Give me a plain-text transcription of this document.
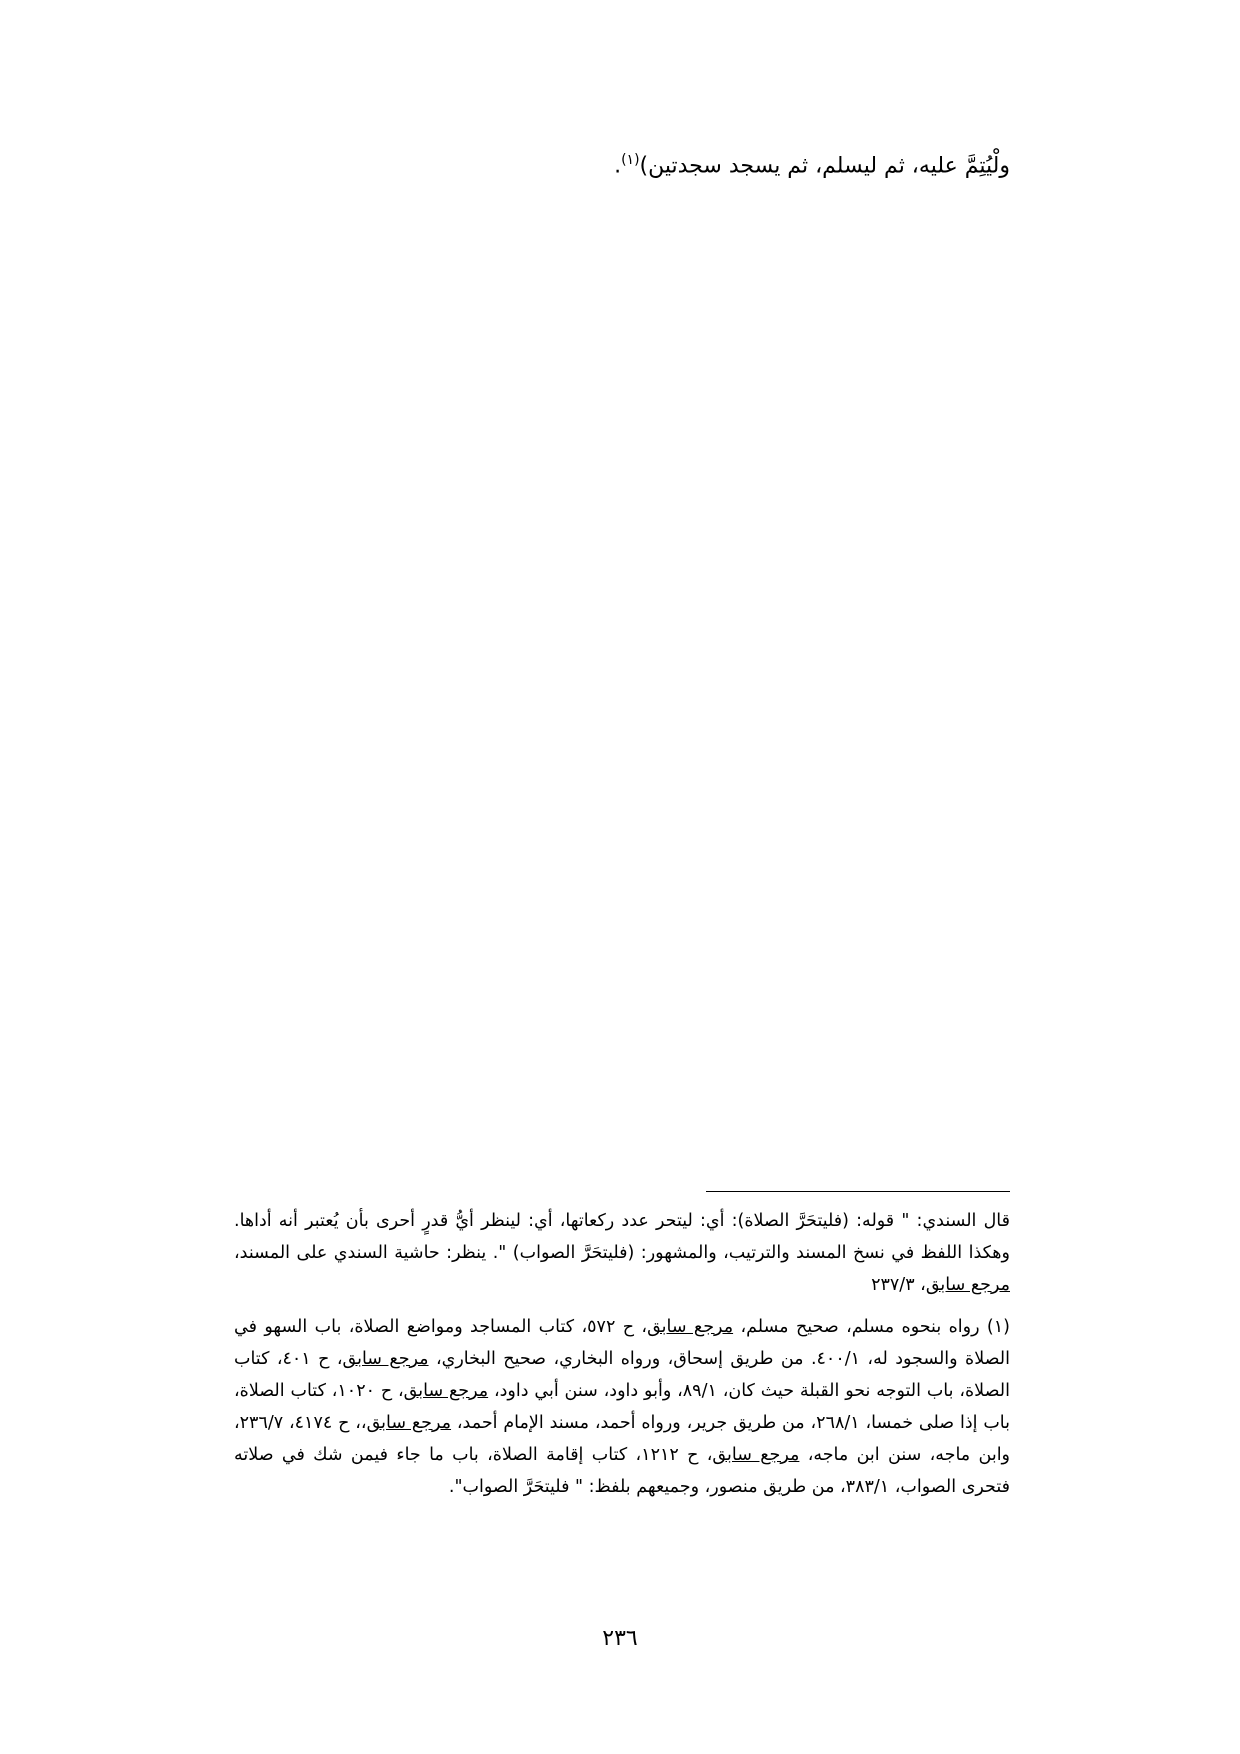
ولْيُتِمَّ عليه، ثم ليسلم، ثم يسجد سجدتين)$^{(١)}$.

قال السندي: " قوله: (فليتحَرَّ الصلاة): أي: ليتحر عدد ركعاتها، أي: لينظر أيُّ قدرٍ أحرى بأن يُعتبر أنه أداها. وهكذا اللفظ في نسخ المسند والترتيب، والمشهور: (فليتحَرَّ الصواب) ". ينظر: حاشية السندي على المسند، مرجع سابق، ٢٣٧/٣

(١) رواه بنحوه مسلم، صحيح مسلم، مرجع سابق، ح ٥٧٢، كتاب المساجد ومواضع الصلاة، باب السهو في الصلاة والسجود له، ٤٠٠/١. من طريق إسحاق، ورواه البخاري، صحيح البخاري، مرجع سابق، ح ٤٠١، كتاب الصلاة، باب التوجه نحو القبلة حيث كان، ٨٩/١، وأبو داود، سنن أبي داود، مرجع سابق، ح ١٠٢٠، كتاب الصلاة، باب إذا صلى خمسا، ٢٦٨/١، من طريق جرير، ورواه أحمد، مسند الإمام أحمد، مرجع سابق،، ح ٤١٧٤، ٢٣٦/٧، وابن ماجه، سنن ابن ماجه، مرجع سابق، ح ١٢١٢، كتاب إقامة الصلاة، باب ما جاء فيمن شك في صلاته فتحرى الصواب، ٣٨٣/١، من طريق منصور، وجميعهم بلفظ: " فليتحَرَّ الصواب".

٢٣٦
